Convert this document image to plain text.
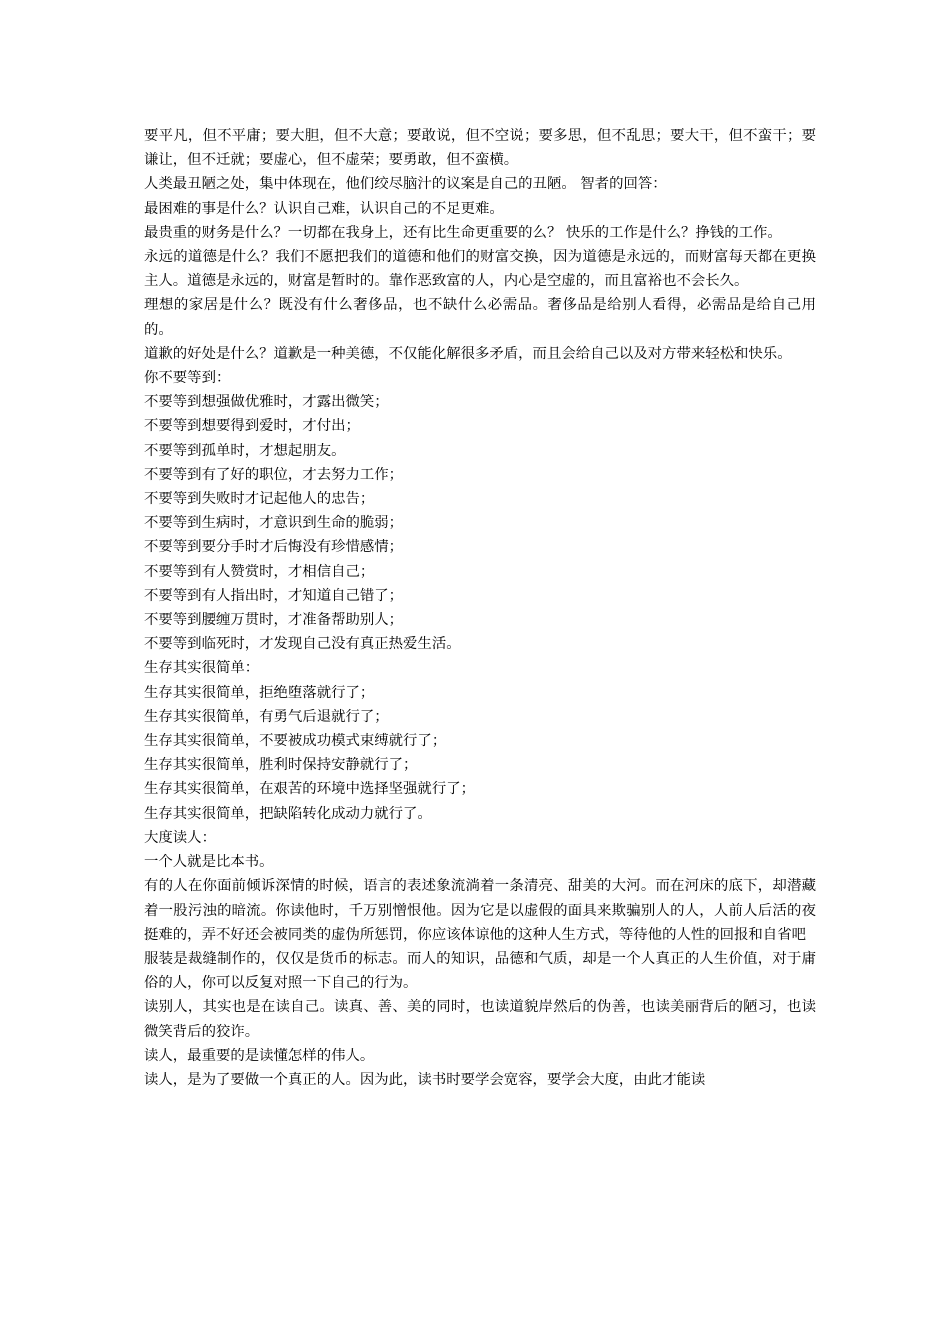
要平凡，但不平庸；要大胆，但不大意；要敢说，但不空说；要多思，但不乱思；要大干，但不蛮干；要谦让，但不迁就；要虚心，但不虚荣；要勇敢，但不蛮横。

人类最丑陋之处，集中体现在，他们绞尽脑汁的议案是自己的丑陋。 智者的回答：

最困难的事是什么？认识自己难，认识自己的不足更难。

最贵重的财务是什么？一切都在我身上，还有比生命更重要的么？ 快乐的工作是什么？挣钱的工作。

永远的道德是什么？我们不愿把我们的道德和他们的财富交换，因为道德是永远的，而财富每天都在更换主人。道德是永远的，财富是暂时的。靠作恶致富的人，内心是空虚的，而且富裕也不会长久。

理想的家居是什么？既没有什么奢侈品，也不缺什么必需品。奢侈品是给别人看得，必需品是给自己用的。

道歉的好处是什么？道歉是一种美德，不仅能化解很多矛盾，而且会给自己以及对方带来轻松和快乐。

你不要等到：

不要等到想强做优雅时，才露出微笑；

不要等到想要得到爱时，才付出；

不要等到孤单时，才想起朋友。

不要等到有了好的职位，才去努力工作；

不要等到失败时才记起他人的忠告；

不要等到生病时，才意识到生命的脆弱；

不要等到要分手时才后悔没有珍惜感情；

不要等到有人赞赏时，才相信自己；

不要等到有人指出时，才知道自己错了；

不要等到腰缠万贯时，才准备帮助别人；

不要等到临死时，才发现自己没有真正热爱生活。

生存其实很简单：

生存其实很简单，拒绝堕落就行了；

生存其实很简单，有勇气后退就行了；

生存其实很简单，不要被成功模式束缚就行了；

生存其实很简单，胜利时保持安静就行了；

生存其实很简单，在艰苦的环境中选择坚强就行了；

生存其实很简单，把缺陷转化成动力就行了。

大度读人：

一个人就是比本书。

有的人在你面前倾诉深情的时候，语言的表述象流淌着一条清亮、甜美的大河。而在河床的底下，却潜藏着一股污浊的暗流。你读他时，千万别憎恨他。因为它是以虚假的面具来欺骗别人的人，人前人后活的夜挺难的，弄不好还会被同类的虚伪所惩罚，你应该体谅他的这种人生方式，等待他的人性的回报和自省吧

服装是裁缝制作的，仅仅是货币的标志。而人的知识，品德和气质，却是一个人真正的人生价值，对于庸俗的人，你可以反复对照一下自己的行为。

读别人，其实也是在读自己。读真、善、美的同时，也读道貌岸然后的伪善，也读美丽背后的陋习，也读微笑背后的狡诈。

读人，最重要的是读懂怎样的伟人。

读人，是为了要做一个真正的人。因为此，读书时要学会宽容，要学会大度，由此才能读
